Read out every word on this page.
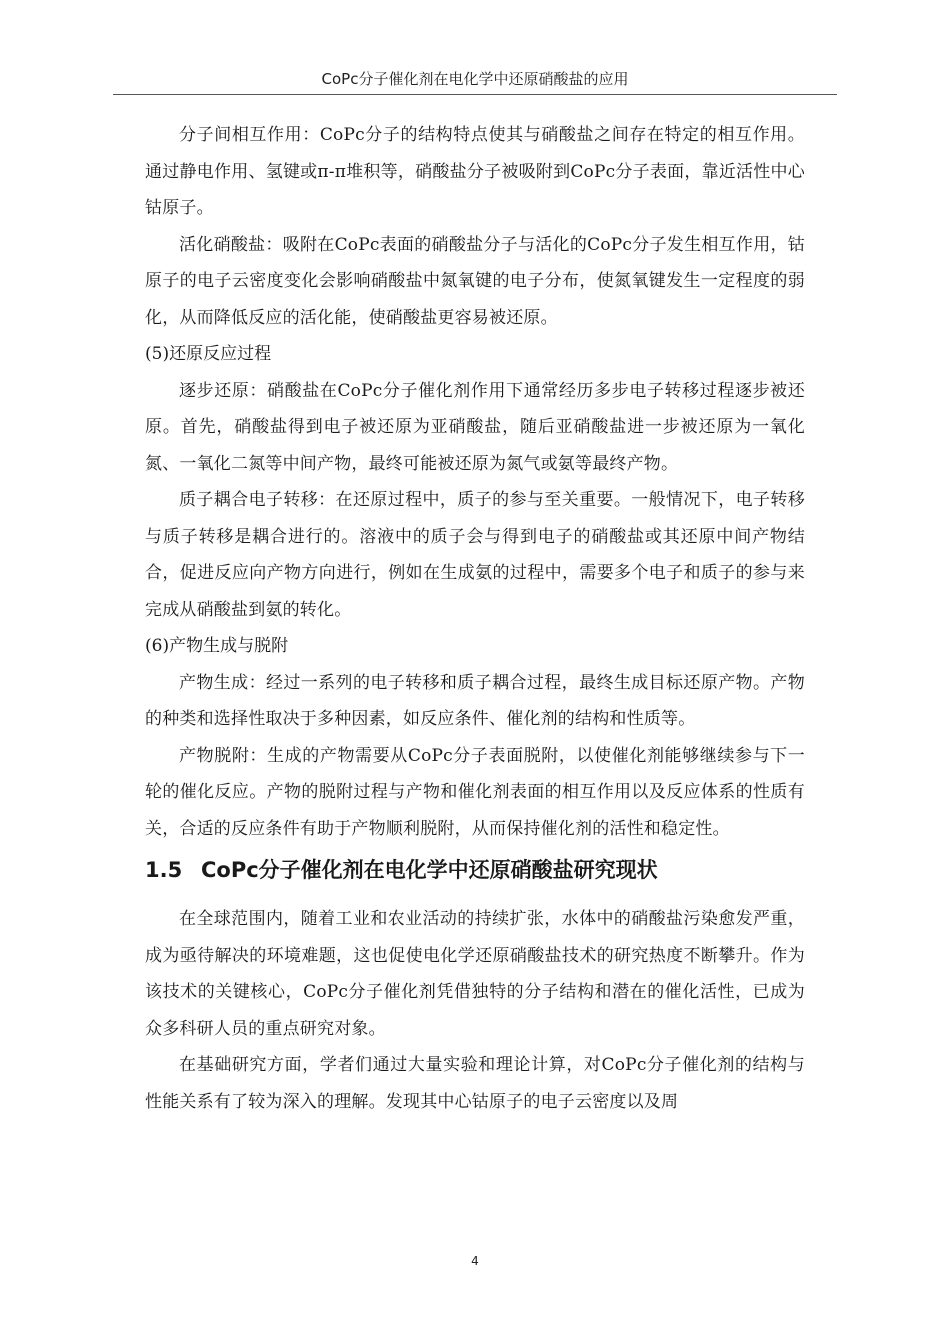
CoPc分子催化剂在电化学中还原硝酸盐的应用

分子间相互作用：CoPc分子的结构特点使其与硝酸盐之间存在特定的相互作用。通过静电作用、氢键或π-π堆积等，硝酸盐分子被吸附到CoPc分子表面，靠近活性中心钴原子。

活化硝酸盐：吸附在CoPc表面的硝酸盐分子与活化的CoPc分子发生相互作用，钴原子的电子云密度变化会影响硝酸盐中氮氧键的电子分布，使氮氧键发生一定程度的弱化，从而降低反应的活化能，使硝酸盐更容易被还原。

(5)还原反应过程

逐步还原：硝酸盐在CoPc分子催化剂作用下通常经历多步电子转移过程逐步被还原。首先，硝酸盐得到电子被还原为亚硝酸盐，随后亚硝酸盐进一步被还原为一氧化氮、一氧化二氮等中间产物，最终可能被还原为氮气或氨等最终产物。

质子耦合电子转移：在还原过程中，质子的参与至关重要。一般情况下，电子转移与质子转移是耦合进行的。溶液中的质子会与得到电子的硝酸盐或其还原中间产物结合，促进反应向产物方向进行，例如在生成氨的过程中，需要多个电子和质子的参与来完成从硝酸盐到氨的转化。

(6)产物生成与脱附

产物生成：经过一系列的电子转移和质子耦合过程，最终生成目标还原产物。产物的种类和选择性取决于多种因素，如反应条件、催化剂的结构和性质等。

产物脱附：生成的产物需要从CoPc分子表面脱附，以使催化剂能够继续参与下一轮的催化反应。产物的脱附过程与产物和催化剂表面的相互作用以及反应体系的性质有关，合适的反应条件有助于产物顺利脱附，从而保持催化剂的活性和稳定性。

1.5 CoPc分子催化剂在电化学中还原硝酸盐研究现状

在全球范围内，随着工业和农业活动的持续扩张，水体中的硝酸盐污染愈发严重，成为亟待解决的环境难题，这也促使电化学还原硝酸盐技术的研究热度不断攀升。作为该技术的关键核心，CoPc分子催化剂凭借独特的分子结构和潜在的催化活性，已成为众多科研人员的重点研究对象。

在基础研究方面，学者们通过大量实验和理论计算，对CoPc分子催化剂的结构与性能关系有了较为深入的理解。发现其中心钴原子的电子云密度以及周

4
